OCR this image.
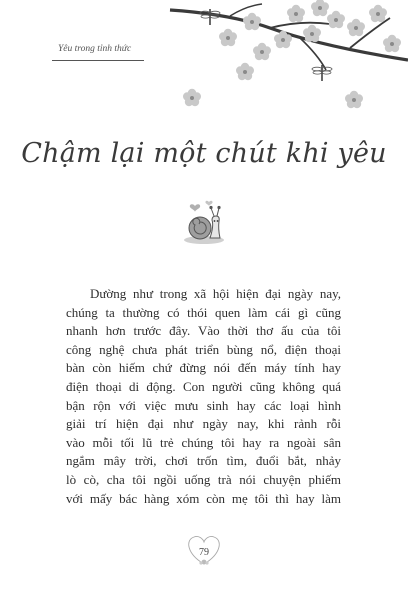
Yêu trong tỉnh thức
Chậm lại một chút khi yêu
Dường như trong xã hội hiện đại ngày nay,
chúng ta thường có thói quen làm cái gì cũng
nhanh hơn trước đây. Vào thời thơ ấu của tôi
công nghệ chưa phát triển bùng nổ, điện thoại
bàn còn hiếm chứ đừng nói đến máy tính hay
điện thoại di động. Con người cũng không quá
bận rộn với việc mưu sinh hay các loại hình
giải trí hiện đại như ngày nay, khi rảnh rỗi
vào mỗi tối lũ trẻ chúng tôi hay ra ngoài sân
ngắm mây trời, chơi trốn tìm, đuổi bắt, nhảy
lò cò, cha tôi ngồi uống trà nói chuyện phiếm
với mấy bác hàng xóm còn mẹ tôi thì hay làm
79
